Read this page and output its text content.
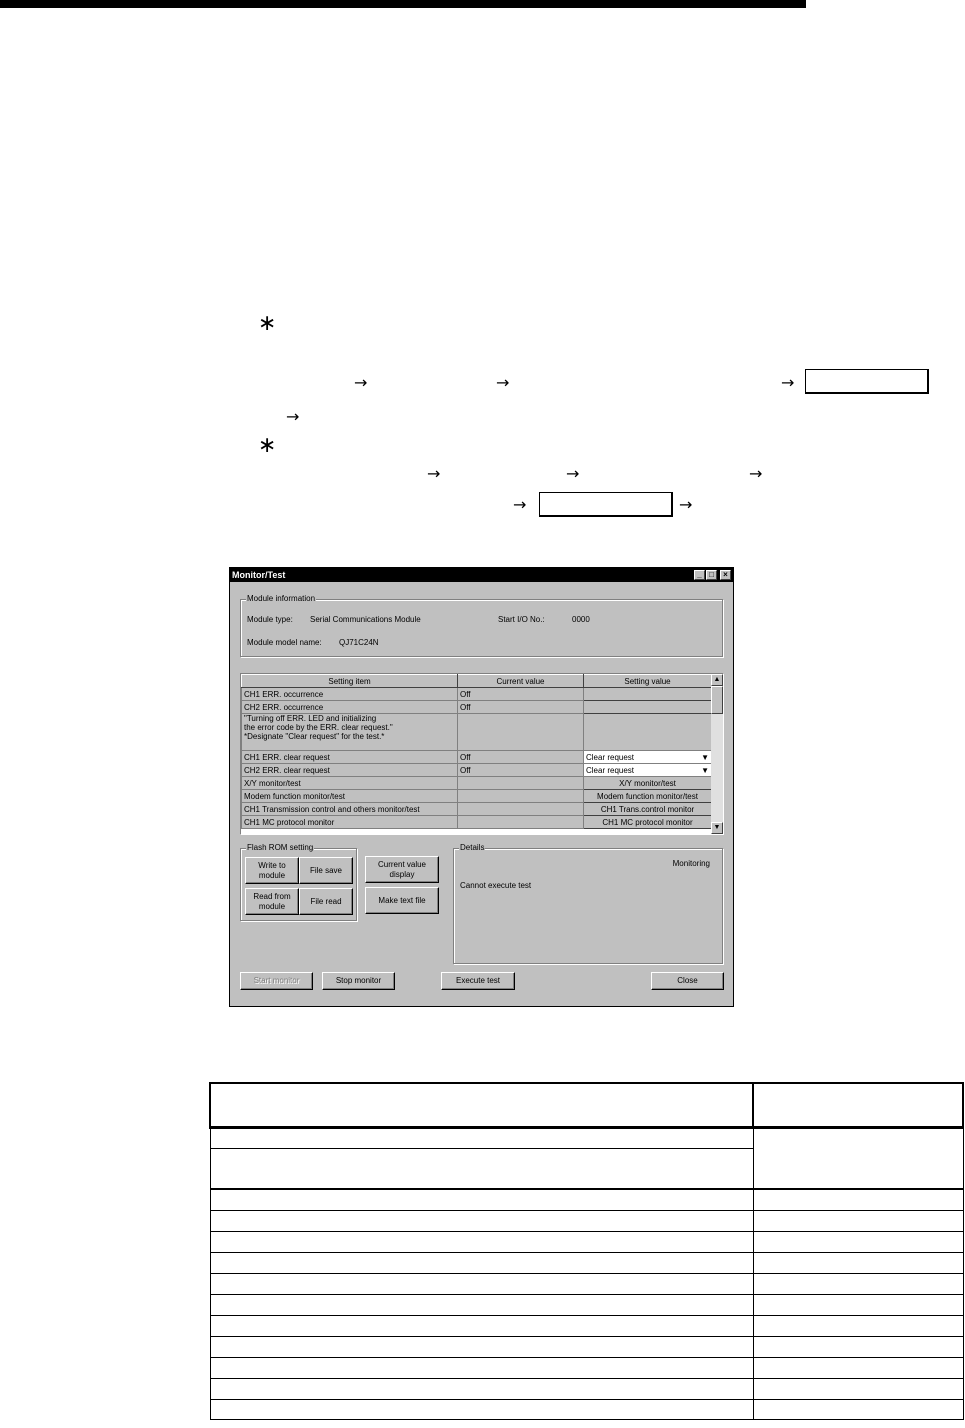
∗
→	→	→
→
∗
→	→	→
→	→
Monitor/Test	_ □	×
Module information
Module type: Serial Communications Module	Start I/O No.:	0000
Module model name: QJ71C24N
Setting item	Current value	Setting value
CH1 ERR. occurrence	Off	
CH2 ERR. occurrence	Off	
"Turning off ERR. LED and initializing
the error code by the ERR. clear request."
*Designate "Clear request" for the test.*		
CH1 ERR. clear request	Off	Clear request ▼

CH2 ERR. clear request	Off	Clear request ▼

X/Y monitor/test		X/Y monitor/test
Modem function monitor/test		Modem function monitor/test
CH1 Transmission control and others monitor/test		CH1 Trans.control monitor
CH1 MC protocol monitor		CH1 MC protocol monitor
▲
▼
Flash ROM setting
Write to
module
File save
Read from
module
File read
Current value
display
Make text file
Details
Monitoring
Cannot execute test
Start monitor	Stop monitor	Execute test	Close
